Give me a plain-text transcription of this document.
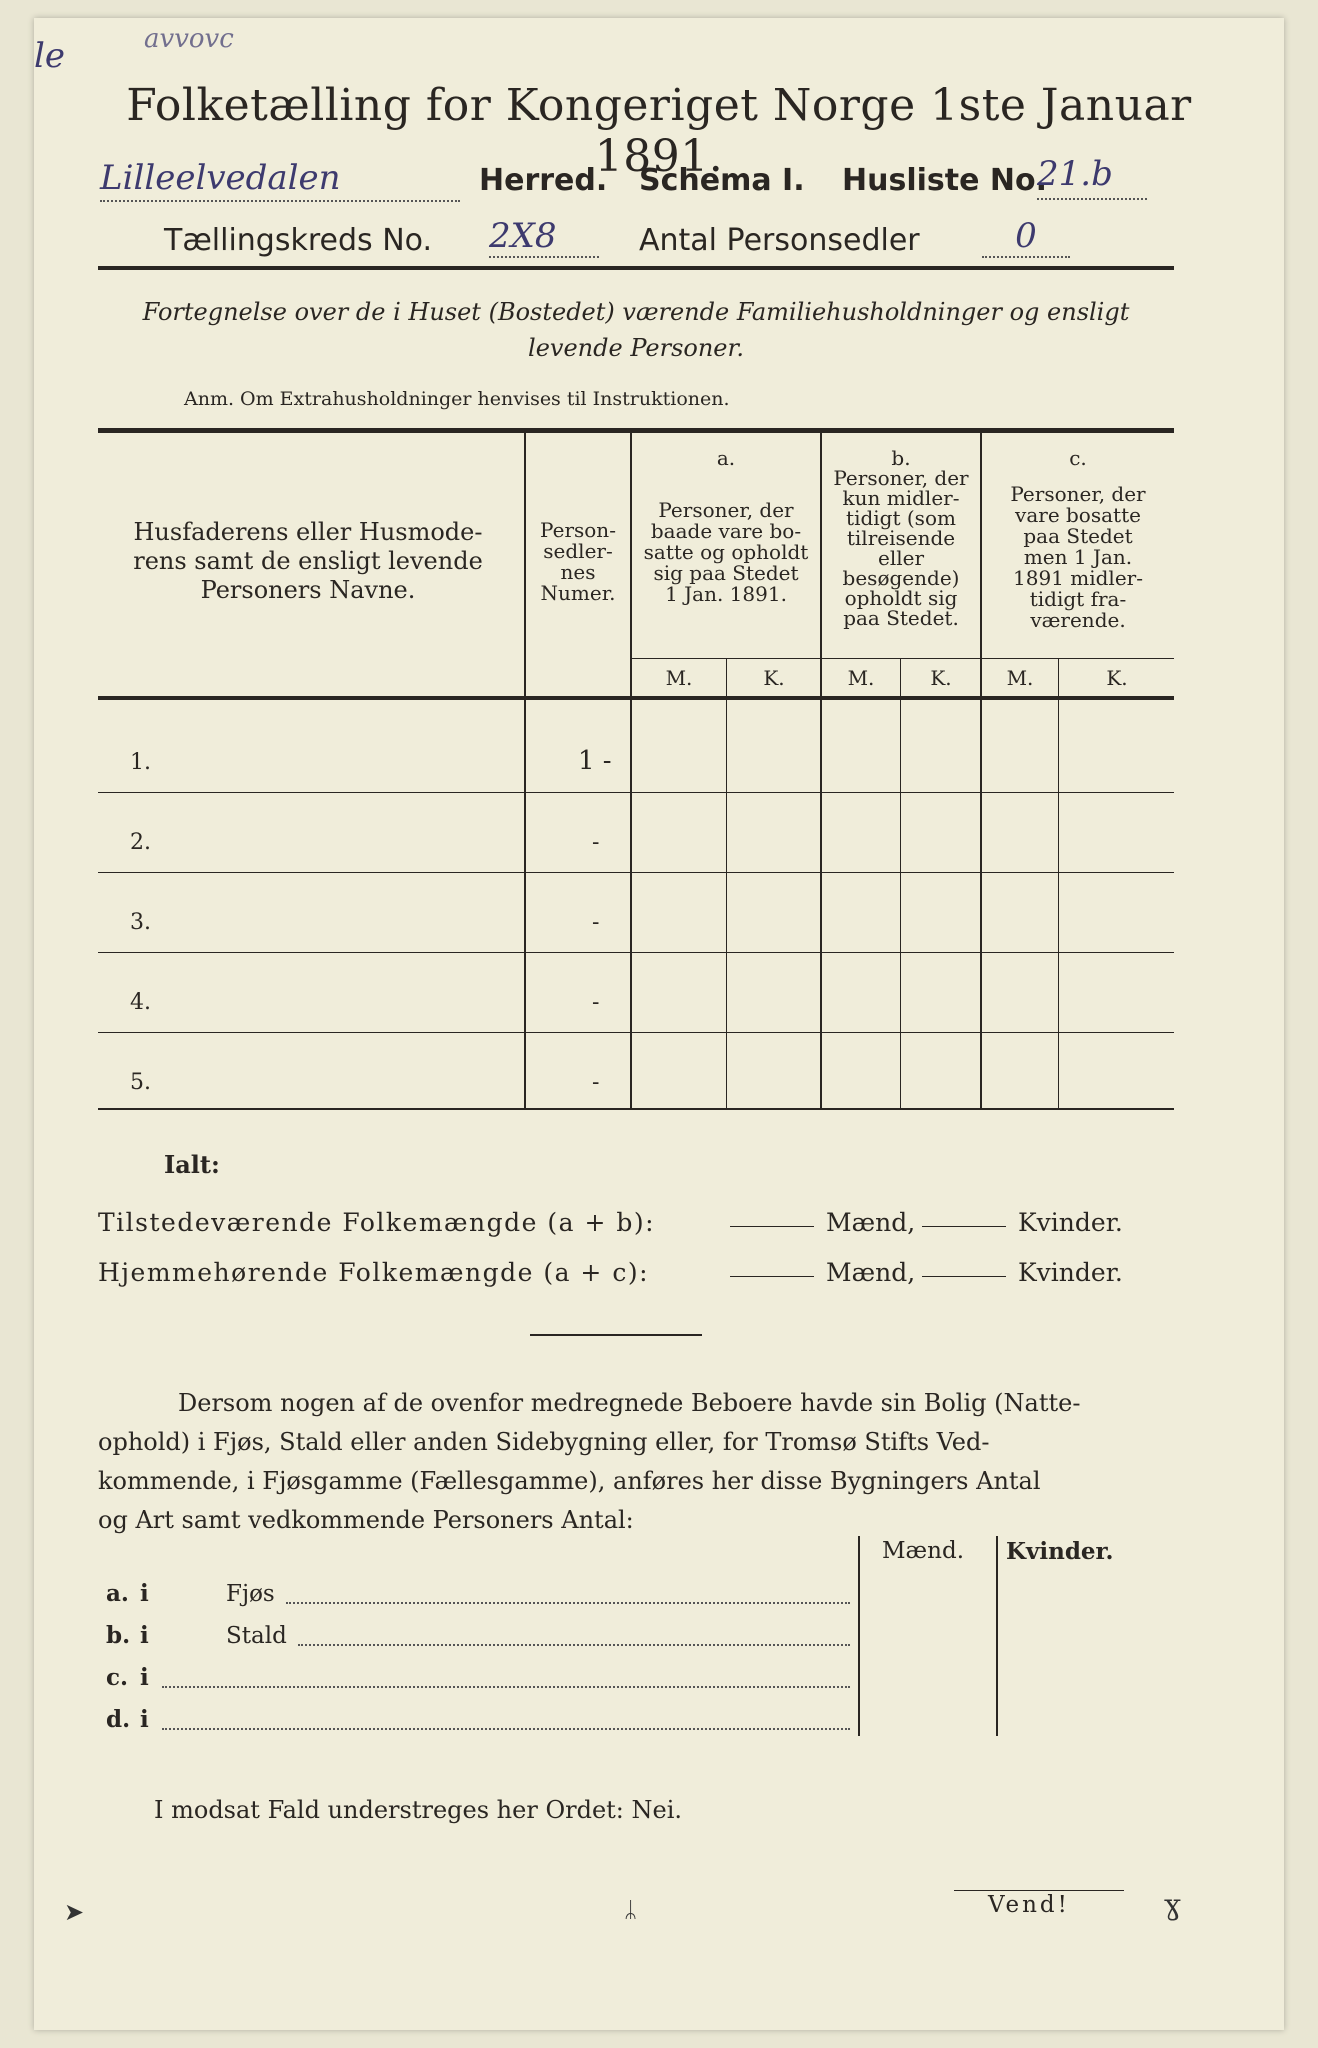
le	avvovc
Folketælling for Kongeriget Norge 1ste Januar 1891.
Lilleelvedalen	Herred. Schema I. Husliste No.
21.b
Tællingskreds No. 2X8	Antal Personsedler	0
Fortegnelse over de i Huset (Bostedet) værende Familiehusholdninger og ensligt
levende Personer.
Anm. Om Extrahusholdninger henvises til Instruktionen.
Husfaderens eller Husmode-
rens samt de ensligt levende
Personers Navne.
Person-
sedler-
nes
Numer.
a.
Personer, der
baade vare bo-
satte og opholdt
sig paa Stedet
1 Jan. 1891.
b.
Personer, der
kun midler-
tidigt (som
tilreisende
eller
besøgende)
opholdt sig
paa Stedet.
c.
Personer, der
vare bosatte
paa Stedet
men 1 Jan.
1891 midler-
tidigt fra-
værende.
M.	K.	M.	K.	M.	K.
1.	1 -
2.	-
3.	-
4.	-
5.	-
Ialt:
Tilstedeværende Folkemængde (a + b):	Mænd,	Kvinder.
Hjemmehørende Folkemængde (a + c):	Mænd,	Kvinder.
Dersom nogen af de ovenfor medregnede Beboere havde sin Bolig (Natte-
ophold) i Fjøs, Stald eller anden Sidebygning eller, for Tromsø Stifts Ved-
kommende, i Fjøsgamme (Fællesgamme), anføres her disse Bygningers Antal
og Art samt vedkommende Personers Antal:
Mænd. Kvinder.
a. i	Fjøs
b. i	Stald
c. i
d. i
I modsat Fald understreges her Ordet: Nei.
Vend!
➤	ᛦ	ɣ
